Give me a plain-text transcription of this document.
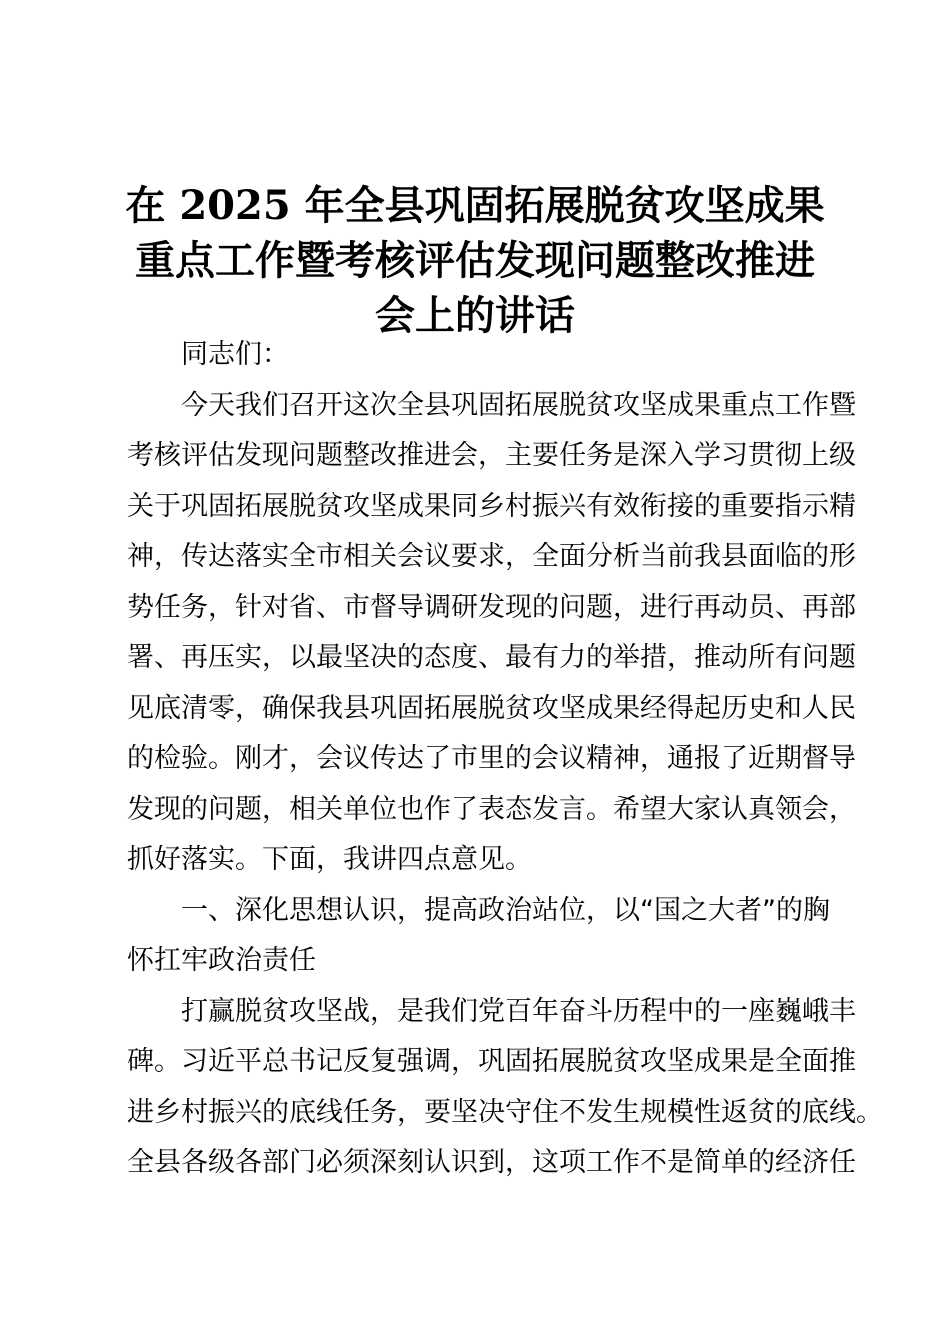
在 2025 年全县巩固拓展脱贫攻坚成果
重点工作暨考核评估发现问题整改推进
会上的讲话

同志们：

今天我们召开这次全县巩固拓展脱贫攻坚成果重点工作暨
考核评估发现问题整改推进会，主要任务是深入学习贯彻上级
关于巩固拓展脱贫攻坚成果同乡村振兴有效衔接的重要指示精
神，传达落实全市相关会议要求，全面分析当前我县面临的形
势任务，针对省、市督导调研发现的问题，进行再动员、再部
署、再压实，以最坚决的态度、最有力的举措，推动所有问题
见底清零，确保我县巩固拓展脱贫攻坚成果经得起历史和人民
的检验。刚才，会议传达了市里的会议精神，通报了近期督导
发现的问题，相关单位也作了表态发言。希望大家认真领会，
抓好落实。下面，我讲四点意见。

一、深化思想认识，提高政治站位，以“国之大者”的胸
怀扛牢政治责任

打赢脱贫攻坚战，是我们党百年奋斗历程中的一座巍峨丰
碑。习近平总书记反复强调，巩固拓展脱贫攻坚成果是全面推
进乡村振兴的底线任务，要坚决守住不发生规模性返贫的底线。
全县各级各部门必须深刻认识到，这项工作不是简单的经济任
